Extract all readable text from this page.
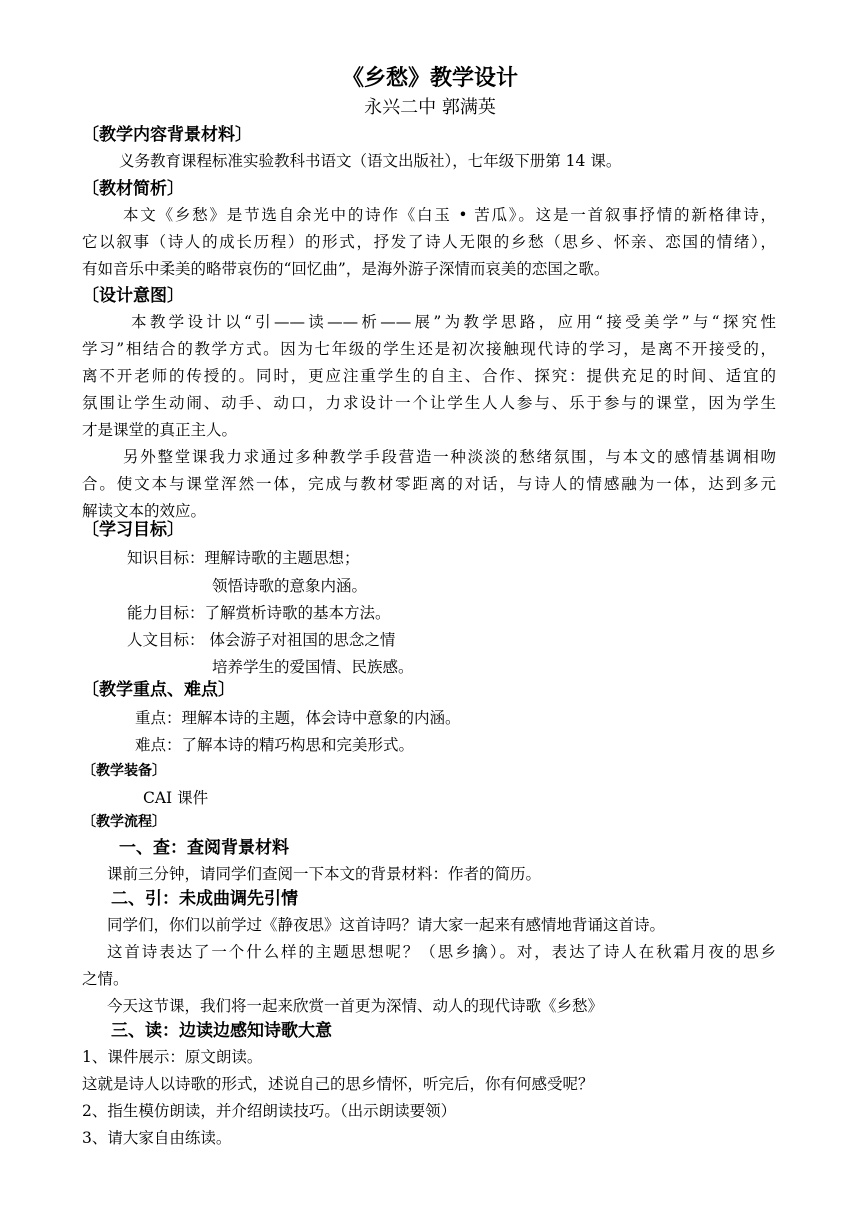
《乡愁》教学设计
永兴二中 郭满英
〔教学内容背景材料〕
义务教育课程标准实验教科书语文（语文出版社），七年级下册第 14 课。
〔教材简析〕
本文《乡愁》是节选自余光中的诗作《白玉 • 苦瓜》。这是一首叙事抒情的新格律诗，
它以叙事（诗人的成长历程）的形式，抒发了诗人无限的乡愁（思乡、怀亲、恋国的情绪），
有如音乐中柔美的略带哀伤的“回忆曲”，是海外游子深情而哀美的恋国之歌。
〔设计意图〕
本教学设计以“引——读——析——展”为教学思路，应用“接受美学”与“探究性
学习”相结合的教学方式。因为七年级的学生还是初次接触现代诗的学习，是离不开接受的，
离不开老师的传授的。同时，更应注重学生的自主、合作、探究：提供充足的时间、适宜的
氛围让学生动闹、动手、动口，力求设计一个让学生人人参与、乐于参与的课堂，因为学生
才是课堂的真正主人。
另外整堂课我力求通过多种教学手段营造一种淡淡的愁绪氛围，与本文的感情基调相吻
合。使文本与课堂浑然一体，完成与教材零距离的对话，与诗人的情感融为一体，达到多元
解读文本的效应。
〔学习目标〕
知识目标：理解诗歌的主题思想；
领悟诗歌的意象内涵。
能力目标：了解赏析诗歌的基本方法。
人文目标： 体会游子对祖国的思念之情
培养学生的爱国情、民族感。
〔教学重点、难点〕
重点：理解本诗的主题，体会诗中意象的内涵。
难点：了解本诗的精巧构思和完美形式。
〔教学装备〕
CAI 课件
〔教学流程〕
一、查：查阅背景材料
课前三分钟，请同学们查阅一下本文的背景材料：作者的简历。
二、引：未成曲调先引情
同学们，你们以前学过《静夜思》这首诗吗？请大家一起来有感情地背诵这首诗。
这首诗表达了一个什么样的主题思想呢？（思乡擒）。对，表达了诗人在秋霜月夜的思乡
之情。
今天这节课，我们将一起来欣赏一首更为深情、动人的现代诗歌《乡愁》
三、读：边读边感知诗歌大意
1、课件展示：原文朗读。
这就是诗人以诗歌的形式，述说自己的思乡情怀，听完后，你有何感受呢？
2、指生模仿朗读，并介绍朗读技巧。（出示朗读要领）
3、请大家自由练读。
